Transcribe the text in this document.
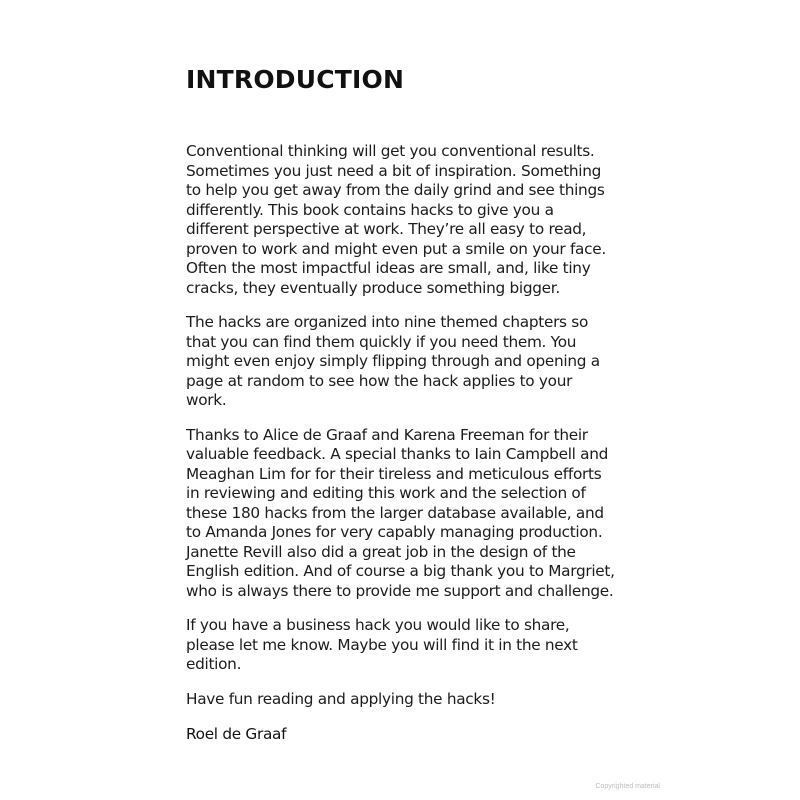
INTRODUCTION

Conventional thinking will get you conventional results. Sometimes you just need a bit of inspiration. Something to help you get away from the daily grind and see things differently. This book contains hacks to give you a different perspective at work. They’re all easy to read, proven to work and might even put a smile on your face. Often the most impactful ideas are small, and, like tiny cracks, they eventually produce something bigger.

The hacks are organized into nine themed chapters so that you can find them quickly if you need them. You might even enjoy simply flipping through and opening a page at random to see how the hack applies to your work.

Thanks to Alice de Graaf and Karena Freeman for their valuable feedback. A special thanks to Iain Campbell and Meaghan Lim for for their tireless and meticulous efforts in reviewing and editing this work and the selection of these 180 hacks from the larger database available, and to Amanda Jones for very capably managing production. Janette Revill also did a great job in the design of the English edition. And of course a big thank you to Margriet, who is always there to provide me support and challenge.

If you have a business hack you would like to share, please let me know. Maybe you will find it in the next edition.

Have fun reading and applying the hacks!

Roel de Graaf

Copyrighted material
